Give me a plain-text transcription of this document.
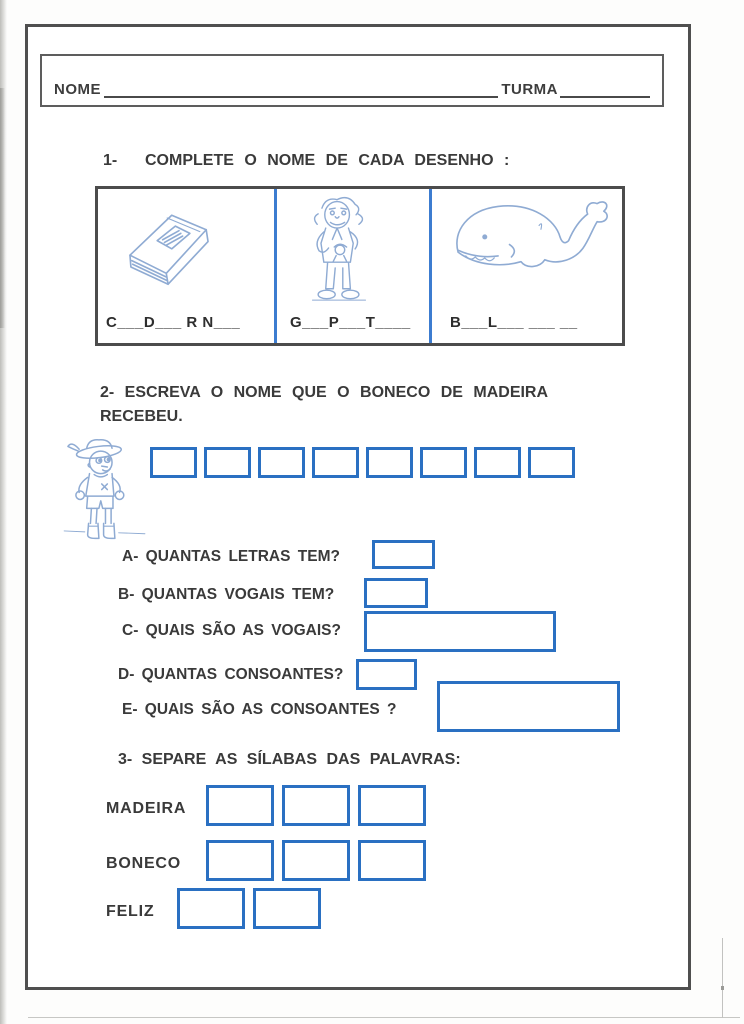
NOME	TURMA
1- COMPLETE O NOME DE CADA DESENHO :
C___D___ R N___	G___P___T____	B___L___ ___ __
2- ESCREVA O NOME QUE O BONECO DE MADEIRA
RECEBEU.
A- QUANTAS LETRAS TEM?
B- QUANTAS VOGAIS TEM?
C- QUAIS SÃO AS VOGAIS?
D- QUANTAS CONSOANTES?
E- QUAIS SÃO AS CONSOANTES ?
3- SEPARE AS SÍLABAS DAS PALAVRAS:
MADEIRA
BONECO
FELIZ
